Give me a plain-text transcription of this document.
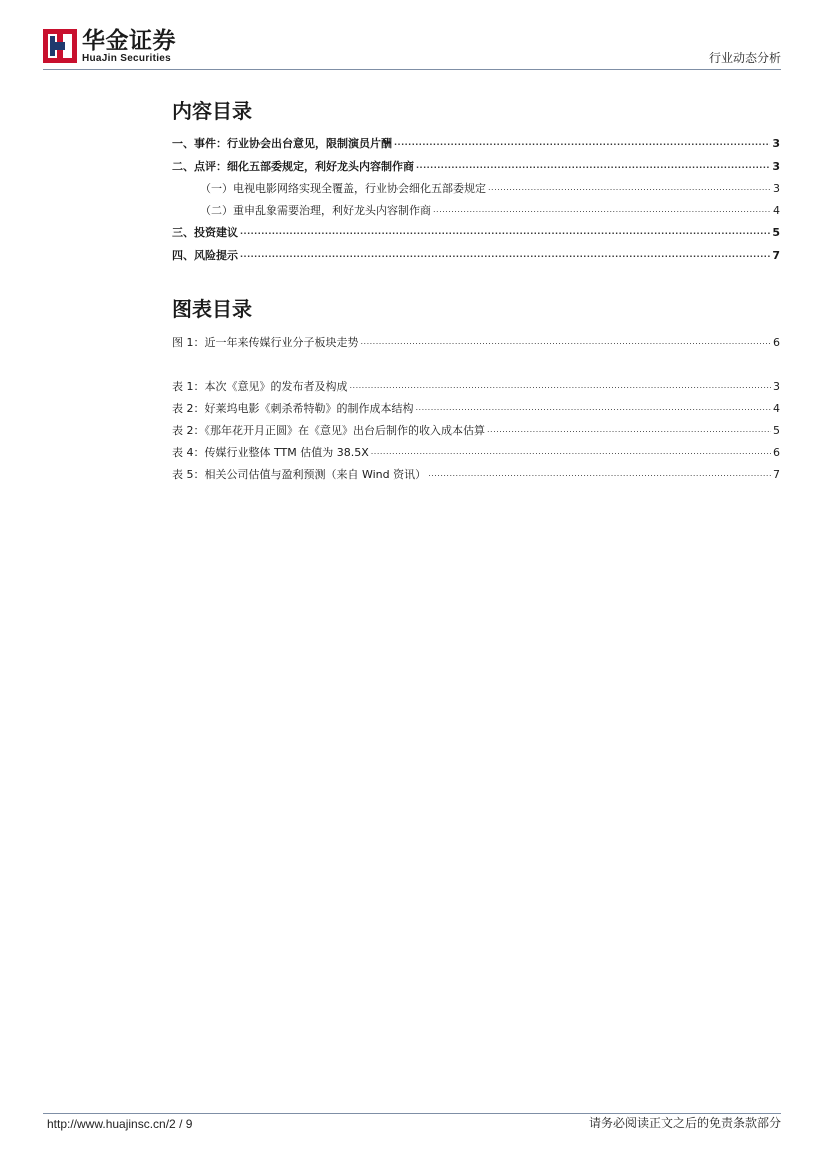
华金证券
HuaJin Securities	行业动态分析
内容目录
一、事件：行业协会出台意见，限制演员片酬 .....	3
二、点评：细化五部委规定，利好龙头内容制作商 .....	3
（一）电视电影网络实现全覆盖，行业协会细化五部委规定 .....	3
（二）重申乱象需要治理，利好龙头内容制作商 .....	4
三、投资建议 .....	5
四、风险提示 .....	7
图 1：近一年来传媒行业分子板块走势 .....	6
表 1：本次《意见》的发布者及构成 .....	3
表 2：好莱坞电影《刺杀希特勒》的制作成本结构 .....	4
表 2：《那年花开月正圆》在《意见》出台后制作的收入成本估算 .....	5
表 4：传媒行业整体 TTM 估值为 38.5X .....	6
表 5：相关公司估值与盈利预测（来自 Wind 资讯） .....	7
图表目录
http://www.huajinsc.cn/2 / 9	请务必阅读正文之后的免责条款部分
